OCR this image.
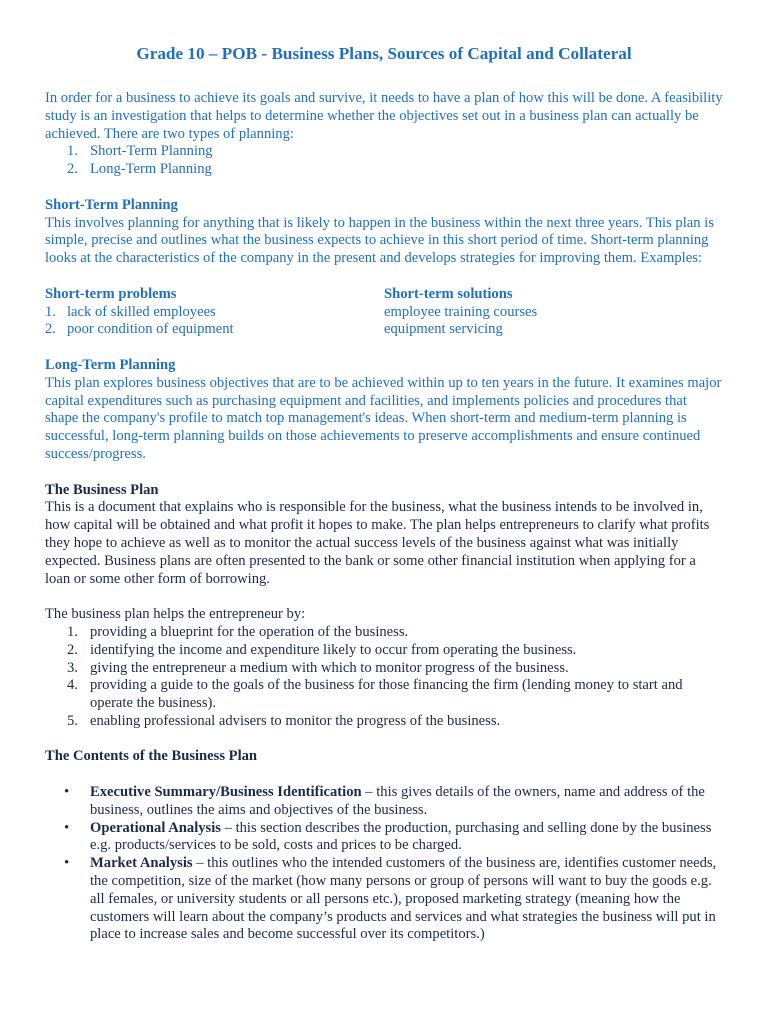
Grade 10 – POB - Business Plans, Sources of Capital and Collateral

In order for a business to achieve its goals and survive, it needs to have a plan of how this will be done. A feasibility study is an investigation that helps to determine whether the objectives set out in a business plan can actually be achieved. There are two types of planning:

1. Short-Term Planning
2. Long-Term Planning

Short-Term Planning

This involves planning for anything that is likely to happen in the business within the next three years. This plan is simple, precise and outlines what the business expects to achieve in this short period of time. Short-term planning looks at the characteristics of the company in the present and develops strategies for improving them. Examples:

Short-term problems

1. lack of skilled employees
2. poor condition of equipment

Short-term solutions

employee training courses

equipment servicing

Long-Term Planning

This plan explores business objectives that are to be achieved within up to ten years in the future. It examines major capital expenditures such as purchasing equipment and facilities, and implements policies and procedures that shape the company's profile to match top management's ideas. When short-term and medium-term planning is successful, long-term planning builds on those achievements to preserve accomplishments and ensure continued success/progress.

The Business Plan

This is a document that explains who is responsible for the business, what the business intends to be involved in, how capital will be obtained and what profit it hopes to make. The plan helps entrepreneurs to clarify what profits they hope to achieve as well as to monitor the actual success levels of the business against what was initially expected. Business plans are often presented to the bank or some other financial institution when applying for a loan or some other form of borrowing.

The business plan helps the entrepreneur by:

1. providing a blueprint for the operation of the business.
2. identifying the income and expenditure likely to occur from operating the business.
3. giving the entrepreneur a medium with which to monitor progress of the business.
4. providing a guide to the goals of the business for those financing the firm (lending money to start and operate the business).
5. enabling professional advisers to monitor the progress of the business.

The Contents of the Business Plan

• Executive Summary/Business Identification – this gives details of the owners, name and address of the business, outlines the aims and objectives of the business.
• Operational Analysis – this section describes the production, purchasing and selling done by the business e.g. products/services to be sold, costs and prices to be charged.
• Market Analysis – this outlines who the intended customers of the business are, identifies customer needs, the competition, size of the market (how many persons or group of persons will want to buy the goods e.g. all females, or university students or all persons etc.), proposed marketing strategy (meaning how the customers will learn about the company’s products and services and what strategies the business will put in place to increase sales and become successful over its competitors.)
